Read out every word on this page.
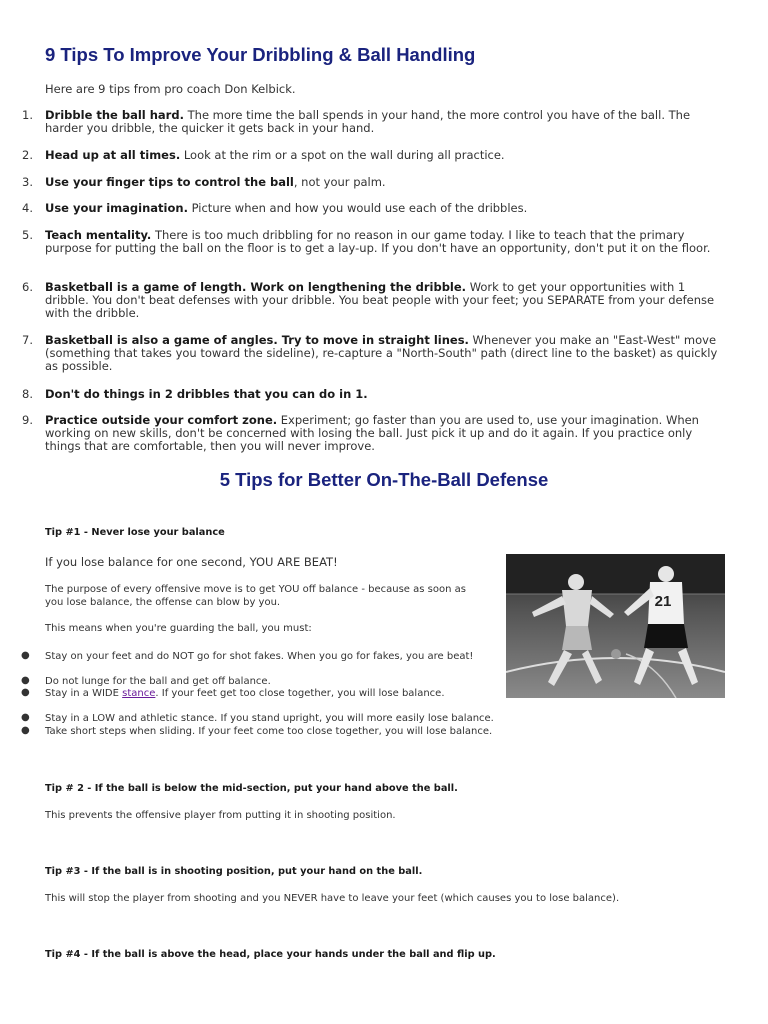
9 Tips To Improve Your Dribbling & Ball Handling

Here are 9 tips from pro coach Don Kelbick.

1. Dribble the ball hard. The more time the ball spends in your hand, the more control you have of the ball. The harder you dribble, the quicker it gets back in your hand.
2. Head up at all times. Look at the rim or a spot on the wall during all practice.
3. Use your finger tips to control the ball, not your palm.
4. Use your imagination. Picture when and how you would use each of the dribbles.
5. Teach mentality. There is too much dribbling for no reason in our game today. I like to teach that the primary purpose for putting the ball on the floor is to get a lay-up. If you don't have an opportunity, don't put it on the floor.
6. Basketball is a game of length. Work on lengthening the dribble. Work to get your opportunities with 1 dribble. You don't beat defenses with your dribble. You beat people with your feet; you SEPARATE from your defense with the dribble.
7. Basketball is also a game of angles. Try to move in straight lines. Whenever you make an "East-West" move (something that takes you toward the sideline), re-capture a "North-South" path (direct line to the basket) as quickly as possible.
8. Don't do things in 2 dribbles that you can do in 1.
9. Practice outside your comfort zone. Experiment; go faster than you are used to, use your imagination. When working on new skills, don't be concerned with losing the ball. Just pick it up and do it again. If you practice only things that are comfortable, then you will never improve.
5 Tips for Better On-The-Ball Defense

Tip #1 - Never lose your balance

If you lose balance for one second, YOU ARE BEAT!

The purpose of every offensive move is to get YOU off balance - because as soon as you lose balance, the offense can blow by you.

This means when you're guarding the ball, you must:

● Stay on your feet and do NOT go for shot fakes. When you go for fakes, you are beat!
● Do not lunge for the ball and get off balance.
● Stay in a WIDE stance. If your feet get too close together, you will lose balance.
● Stay in a LOW and athletic stance. If you stand upright, you will more easily lose balance.
● Take short steps when sliding. If your feet come too close together, you will lose balance.
21

Tip # 2 - If the ball is below the mid-section, put your hand above the ball.

This prevents the offensive player from putting it in shooting position.

Tip #3 - If the ball is in shooting position, put your hand on the ball.

This will stop the player from shooting and you NEVER have to leave your feet (which causes you to lose balance).

Tip #4 - If the ball is above the head, place your hands under the ball and flip up.
